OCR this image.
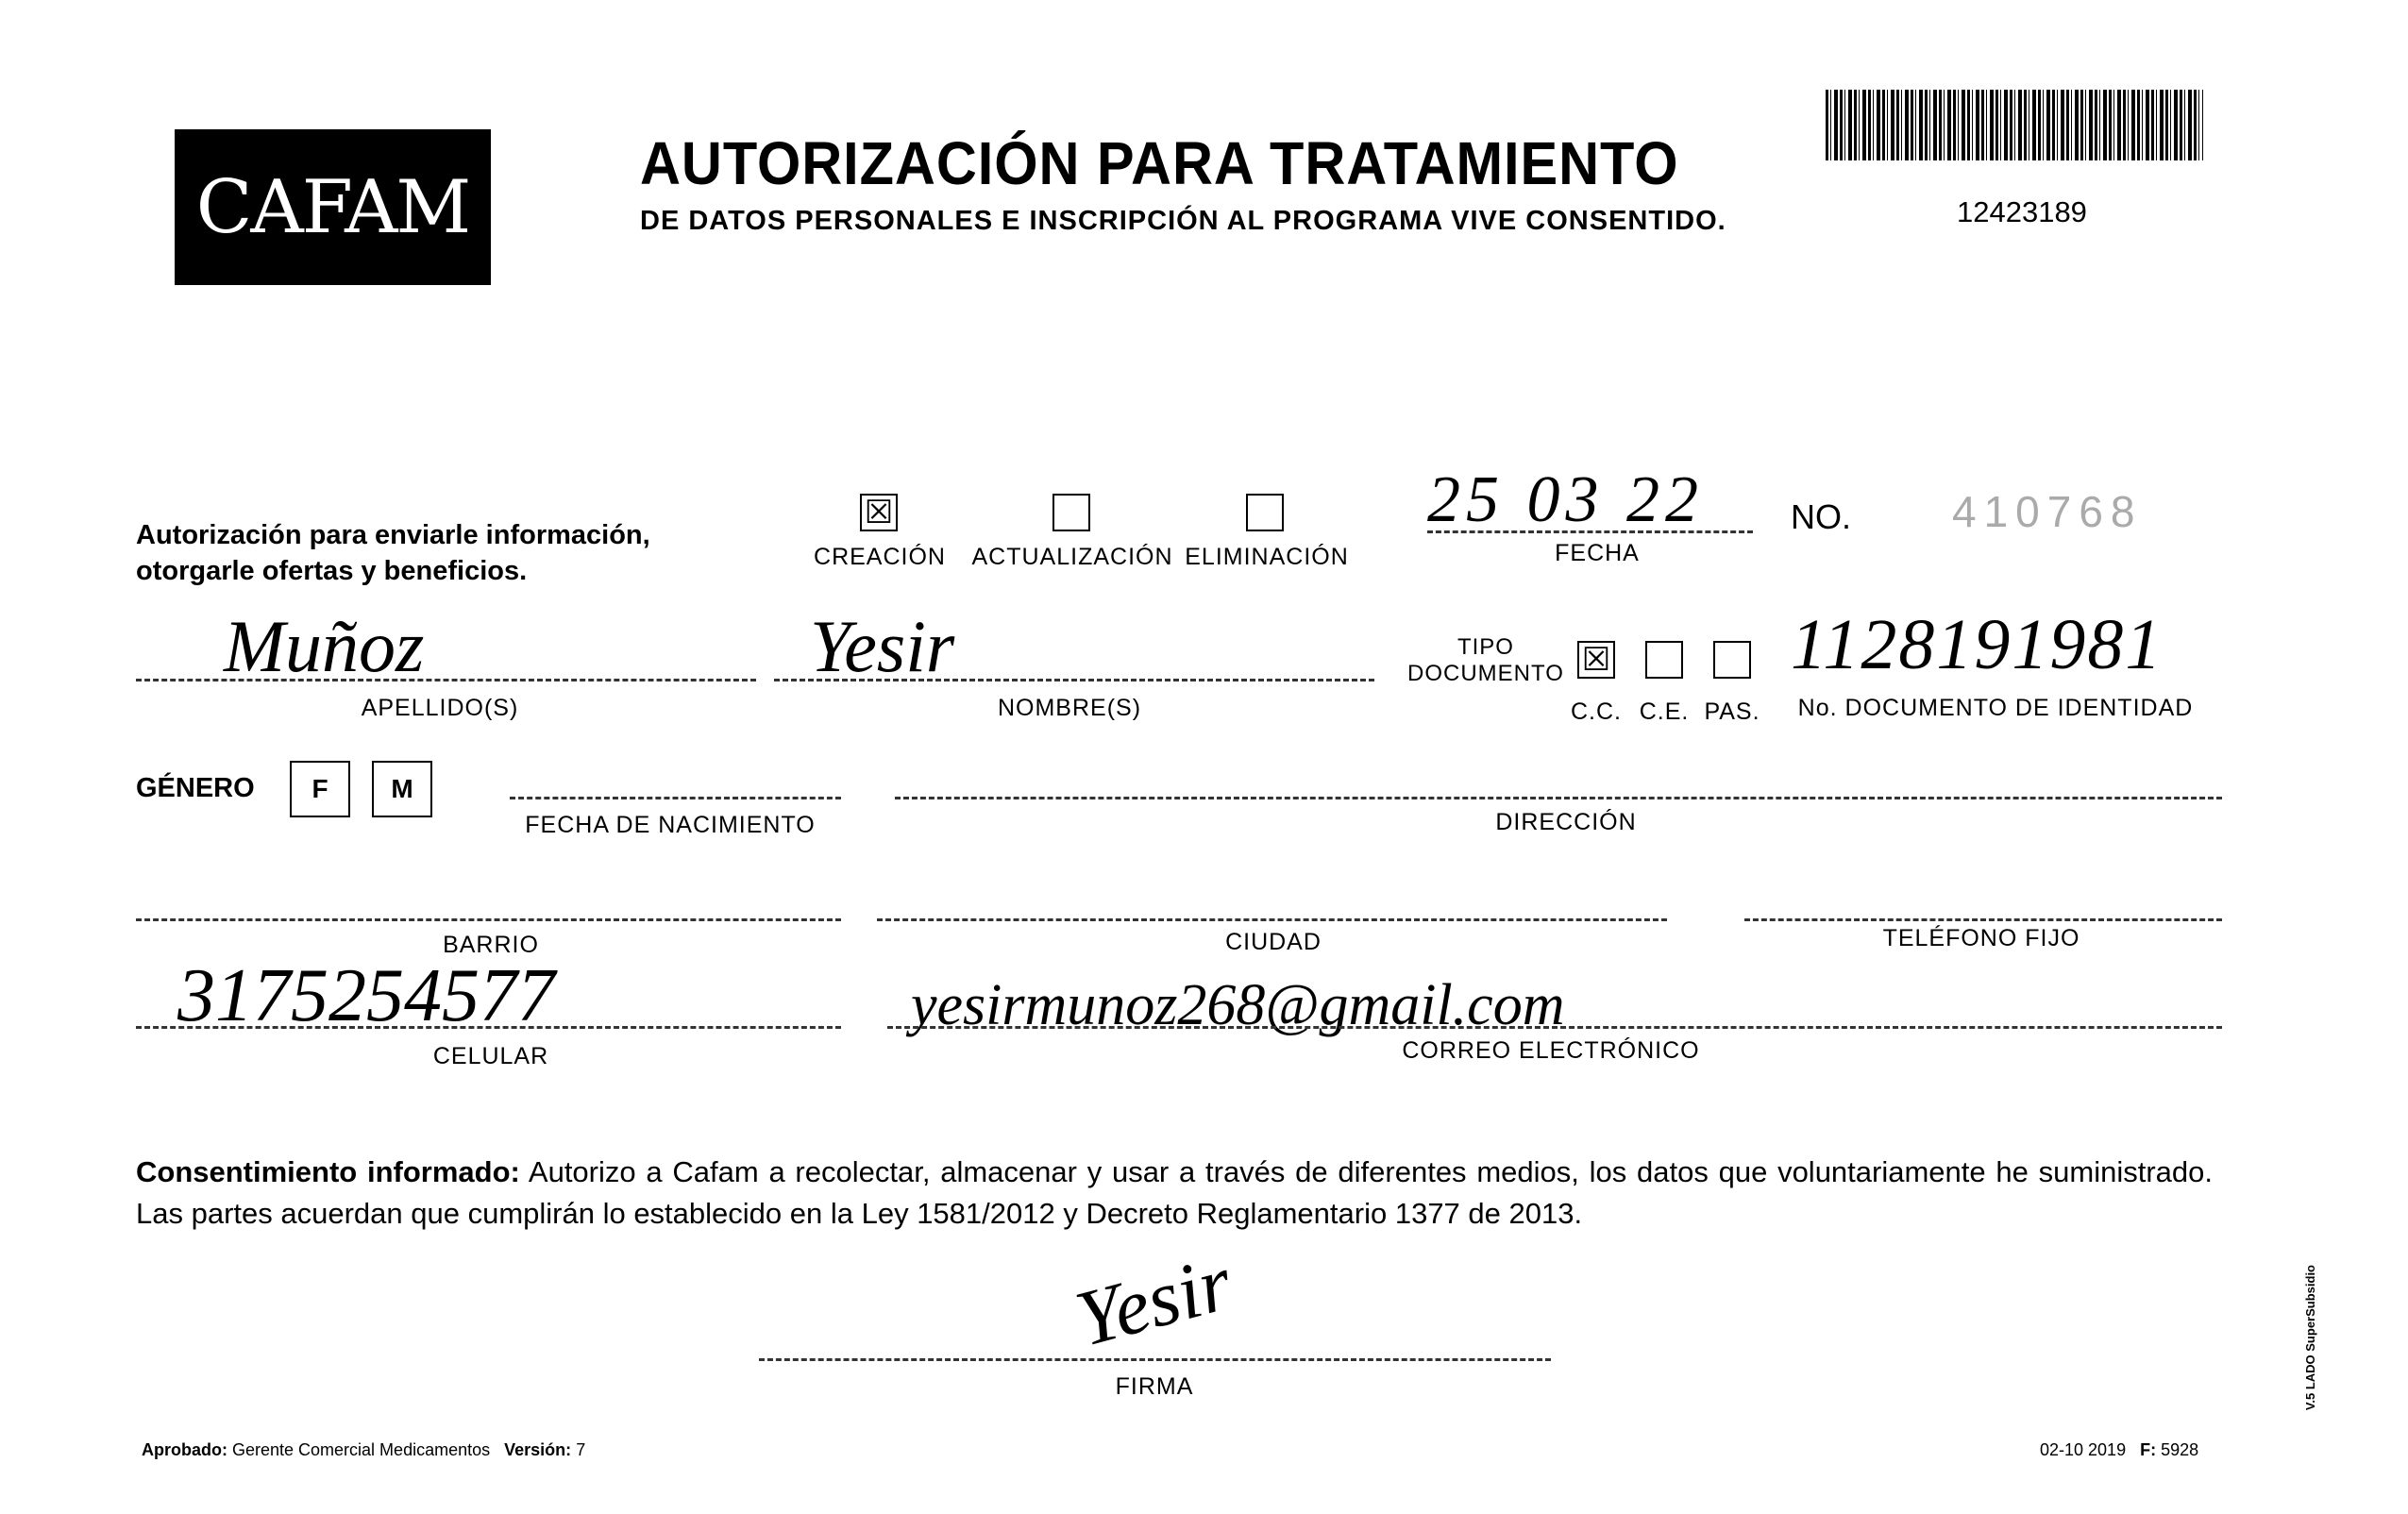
CAFAM
AUTORIZACIÓN PARA TRATAMIENTO
DE DATOS PERSONALES E INSCRIPCIÓN AL PROGRAMA VIVE CONSENTIDO.	12423189
Autorización para enviarle información,
otorgarle ofertas y beneficios.
☒
CREACIÓN ACTUALIZACIÓN ELIMINACIÓN
25 03 22
FECHA
NO. 410768
Muñoz
APELLIDO(S)
Yesir
NOMBRE(S)
TIPO
DOCUMENTO ☒
C.C. C.E. PAS.
1128191981
No. DOCUMENTO DE IDENTIDAD
GÉNERO	F	M
FECHA DE NACIMIENTO	DIRECCIÓN
BARRIO	CIUDAD	TELÉFONO FIJO
3175254577
CELULAR
yesirmunoz268@gmail.com
CORREO ELECTRÓNICO
Consentimiento informado: Autorizo a Cafam a recolectar, almacenar y usar a través de diferentes medios, los datos que voluntariamente he suministrado. Las partes acuerdan que cumplirán lo establecido en la Ley 1581/2012 y Decreto Reglamentario 1377 de 2013.
Yesir
FIRMA
Aprobado: Gerente Comercial Medicamentos Versión: 7	02-10 2019 F: 5928
V.5 LADO SuperSubsidio
